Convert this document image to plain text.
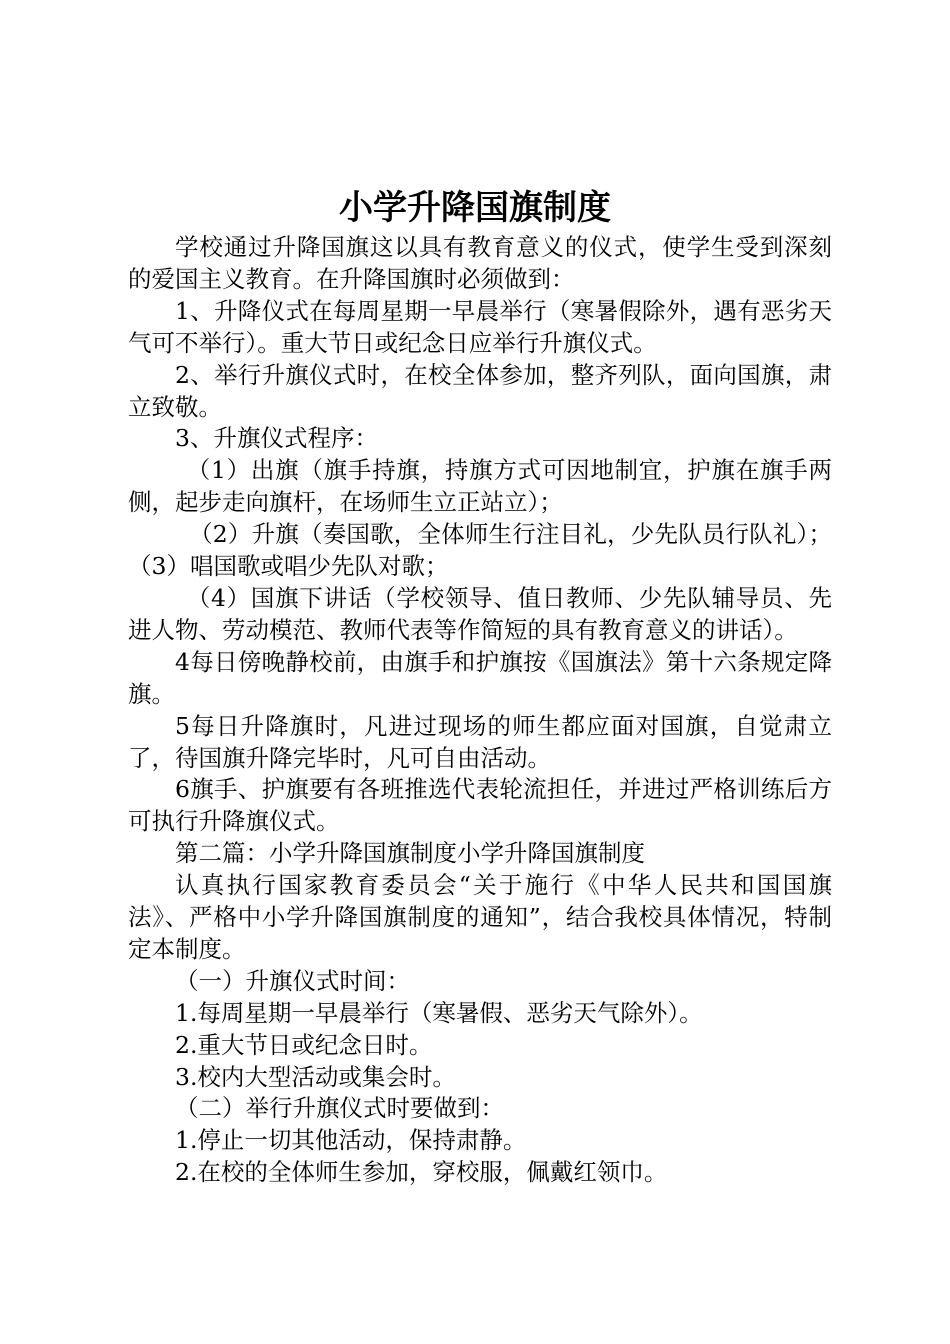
小学升降国旗制度

学校通过升降国旗这以具有教育意义的仪式，使学生受到深刻的爱国主义教育。在升降国旗时必须做到：

1、升降仪式在每周星期一早晨举行（寒暑假除外，遇有恶劣天气可不举行）。重大节日或纪念日应举行升旗仪式。

2、举行升旗仪式时，在校全体参加，整齐列队，面向国旗，肃立致敬。

3、升旗仪式程序：

（1）出旗（旗手持旗，持旗方式可因地制宜，护旗在旗手两侧，起步走向旗杆，在场师生立正站立）；

（2）升旗（奏国歌，全体师生行注目礼，少先队员行队礼）；（3）唱国歌或唱少先队对歌；

（4）国旗下讲话（学校领导、值日教师、少先队辅导员、先进人物、劳动模范、教师代表等作简短的具有教育意义的讲话）。

4每日傍晚静校前，由旗手和护旗按《国旗法》第十六条规定降旗。

5每日升降旗时，凡进过现场的师生都应面对国旗，自觉肃立了，待国旗升降完毕时，凡可自由活动。

6旗手、护旗要有各班推选代表轮流担任，并进过严格训练后方可执行升降旗仪式。

第二篇：小学升降国旗制度小学升降国旗制度

认真执行国家教育委员会“关于施行《中华人民共和国国旗法》、严格中小学升降国旗制度的通知”，结合我校具体情况，特制定本制度。

（一）升旗仪式时间：

1.每周星期一早晨举行（寒暑假、恶劣天气除外）。

2.重大节日或纪念日时。

3.校内大型活动或集会时。

（二）举行升旗仪式时要做到：

1.停止一切其他活动，保持肃静。

2.在校的全体师生参加，穿校服，佩戴红领巾。
